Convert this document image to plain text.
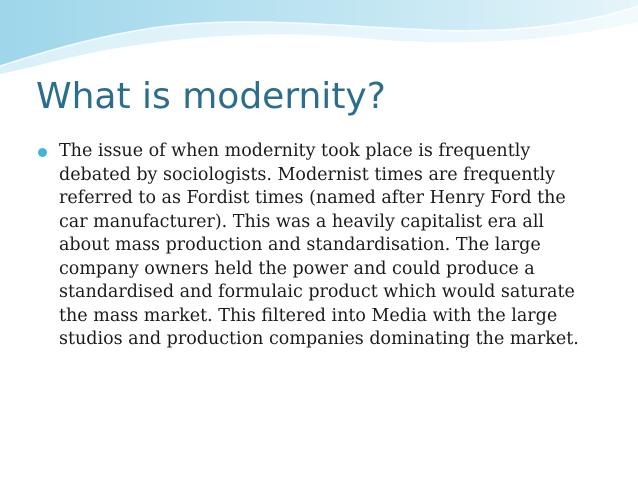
What is modernity?

The issue of when modernity took place is frequently debated by sociologists. Modernist times are frequently referred to as Fordist times (named after Henry Ford the car manufacturer). This was a heavily capitalist era all about mass production and standardisation. The large company owners held the power and could produce a standardised and formulaic product which would saturate the mass market. This filtered into Media with the large studios and production companies dominating the market.
